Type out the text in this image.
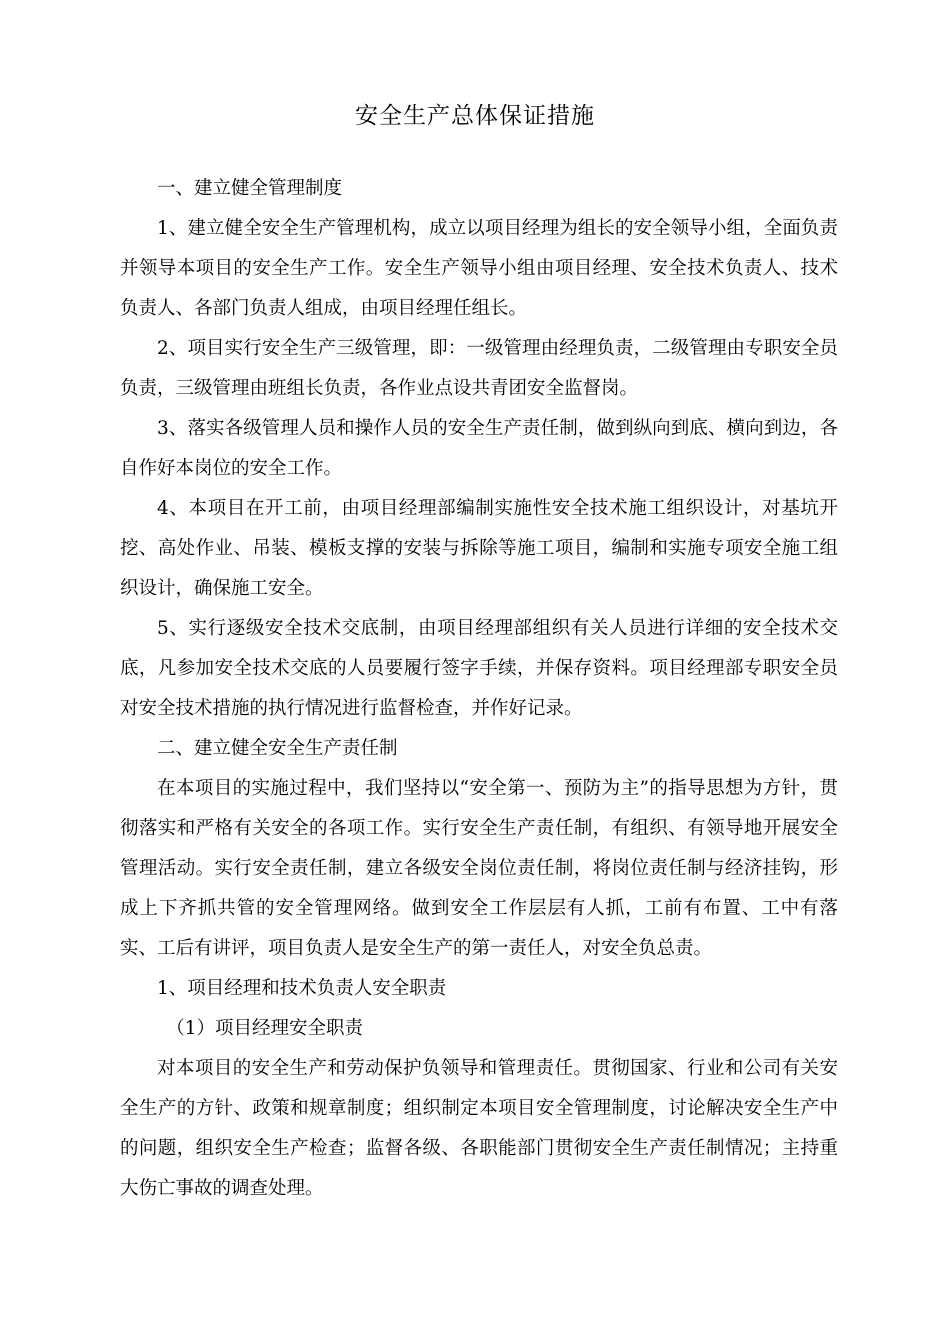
安全生产总体保证措施

一、建立健全管理制度

1、建立健全安全生产管理机构，成立以项目经理为组长的安全领导小组，全面负责并领导本项目的安全生产工作。安全生产领导小组由项目经理、安全技术负责人、技术负责人、各部门负责人组成，由项目经理任组长。

2、项目实行安全生产三级管理，即：一级管理由经理负责，二级管理由专职安全员负责，三级管理由班组长负责，各作业点设共青团安全监督岗。

3、落实各级管理人员和操作人员的安全生产责任制，做到纵向到底、横向到边，各自作好本岗位的安全工作。

4、本项目在开工前，由项目经理部编制实施性安全技术施工组织设计，对基坑开挖、高处作业、吊装、模板支撑的安装与拆除等施工项目，编制和实施专项安全施工组织设计，确保施工安全。

5、实行逐级安全技术交底制，由项目经理部组织有关人员进行详细的安全技术交底，凡参加安全技术交底的人员要履行签字手续，并保存资料。项目经理部专职安全员对安全技术措施的执行情况进行监督检查，并作好记录。

二、建立健全安全生产责任制

在本项目的实施过程中，我们坚持以“安全第一、预防为主”的指导思想为方针，贯彻落实和严格有关安全的各项工作。实行安全生产责任制，有组织、有领导地开展安全管理活动。实行安全责任制，建立各级安全岗位责任制，将岗位责任制与经济挂钩，形成上下齐抓共管的安全管理网络。做到安全工作层层有人抓，工前有布置、工中有落实、工后有讲评，项目负责人是安全生产的第一责任人，对安全负总责。

1、项目经理和技术负责人安全职责

（1）项目经理安全职责

对本项目的安全生产和劳动保护负领导和管理责任。贯彻国家、行业和公司有关安全生产的方针、政策和规章制度；组织制定本项目安全管理制度，讨论解决安全生产中的问题，组织安全生产检查；监督各级、各职能部门贯彻安全生产责任制情况；主持重大伤亡事故的调查处理。
